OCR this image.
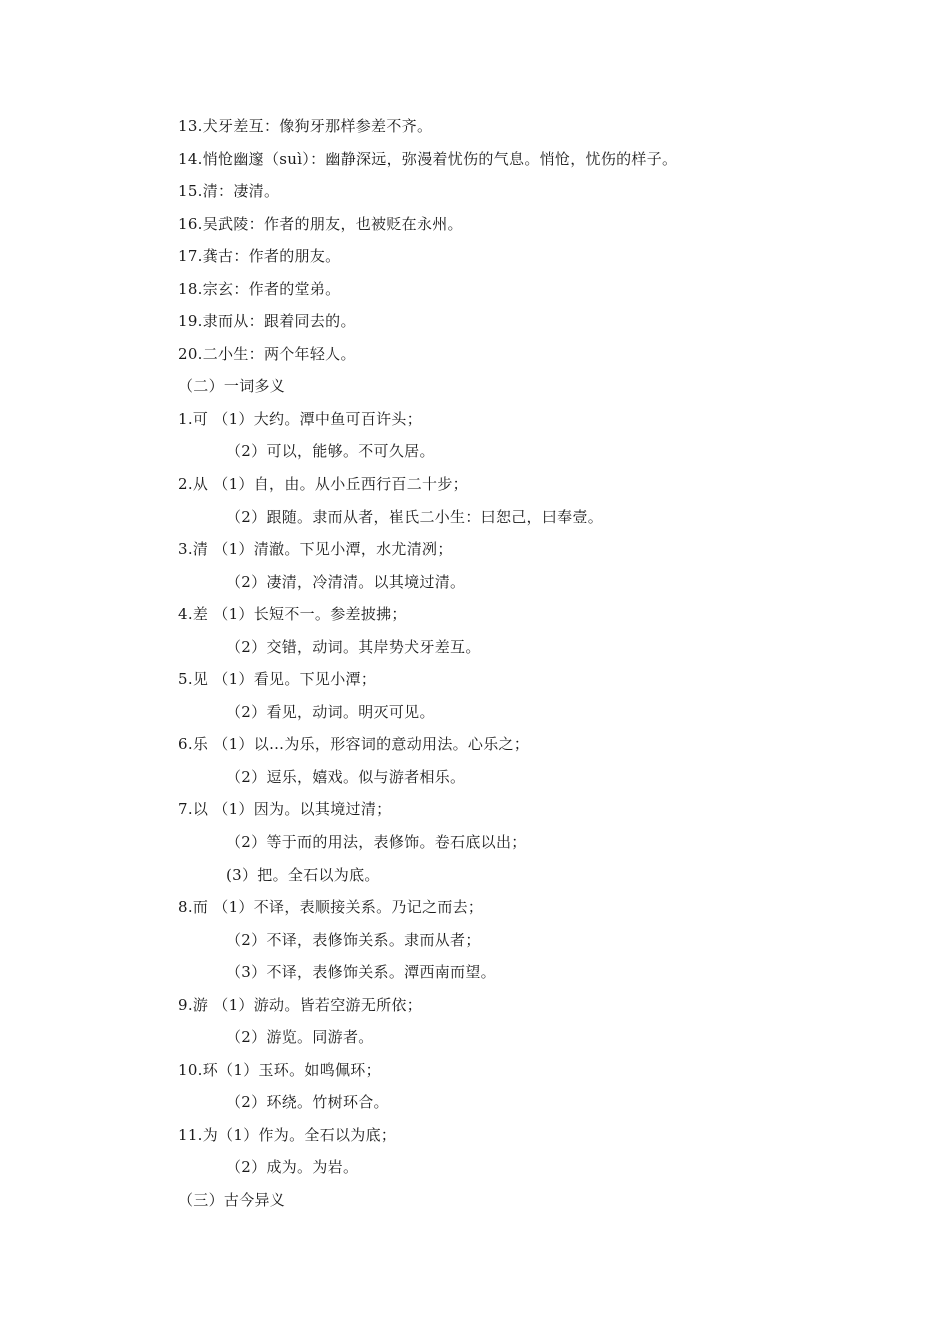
13.犬牙差互：像狗牙那样参差不齐。
14.悄怆幽邃（suì）：幽静深远，弥漫着忧伤的气息。悄怆，忧伤的样子。
15.清：凄清。
16.吴武陵：作者的朋友，也被贬在永州。
17.龚古：作者的朋友。
18.宗玄：作者的堂弟。
19.隶而从：跟着同去的。
20.二小生：两个年轻人。
（二）一词多义
1.可 （1）大约。潭中鱼可百许头；
（2）可以，能够。不可久居。
2.从 （1）自，由。从小丘西行百二十步；
（2）跟随。隶而从者，崔氏二小生：曰恕己，曰奉壹。
3.清 （1）清澈。下见小潭，水尤清冽；
（2）凄清，冷清清。以其境过清。
4.差 （1）长短不一。参差披拂；
（2）交错，动词。其岸势犬牙差互。
5.见 （1）看见。下见小潭；
（2）看见，动词。明灭可见。
6.乐 （1）以…为乐，形容词的意动用法。心乐之；
（2）逗乐，嬉戏。似与游者相乐。
7.以 （1）因为。以其境过清；
（2）等于而的用法，表修饰。卷石底以出；
(3）把。全石以为底。
8.而 （1）不译，表顺接关系。乃记之而去；
（2）不译，表修饰关系。隶而从者；
（3）不译，表修饰关系。潭西南而望。
9.游 （1）游动。皆若空游无所依；
（2）游览。同游者。
10.环（1）玉环。如鸣佩环；
（2）环绕。竹树环合。
11.为（1）作为。全石以为底；
（2）成为。为岩。
（三）古今异义
